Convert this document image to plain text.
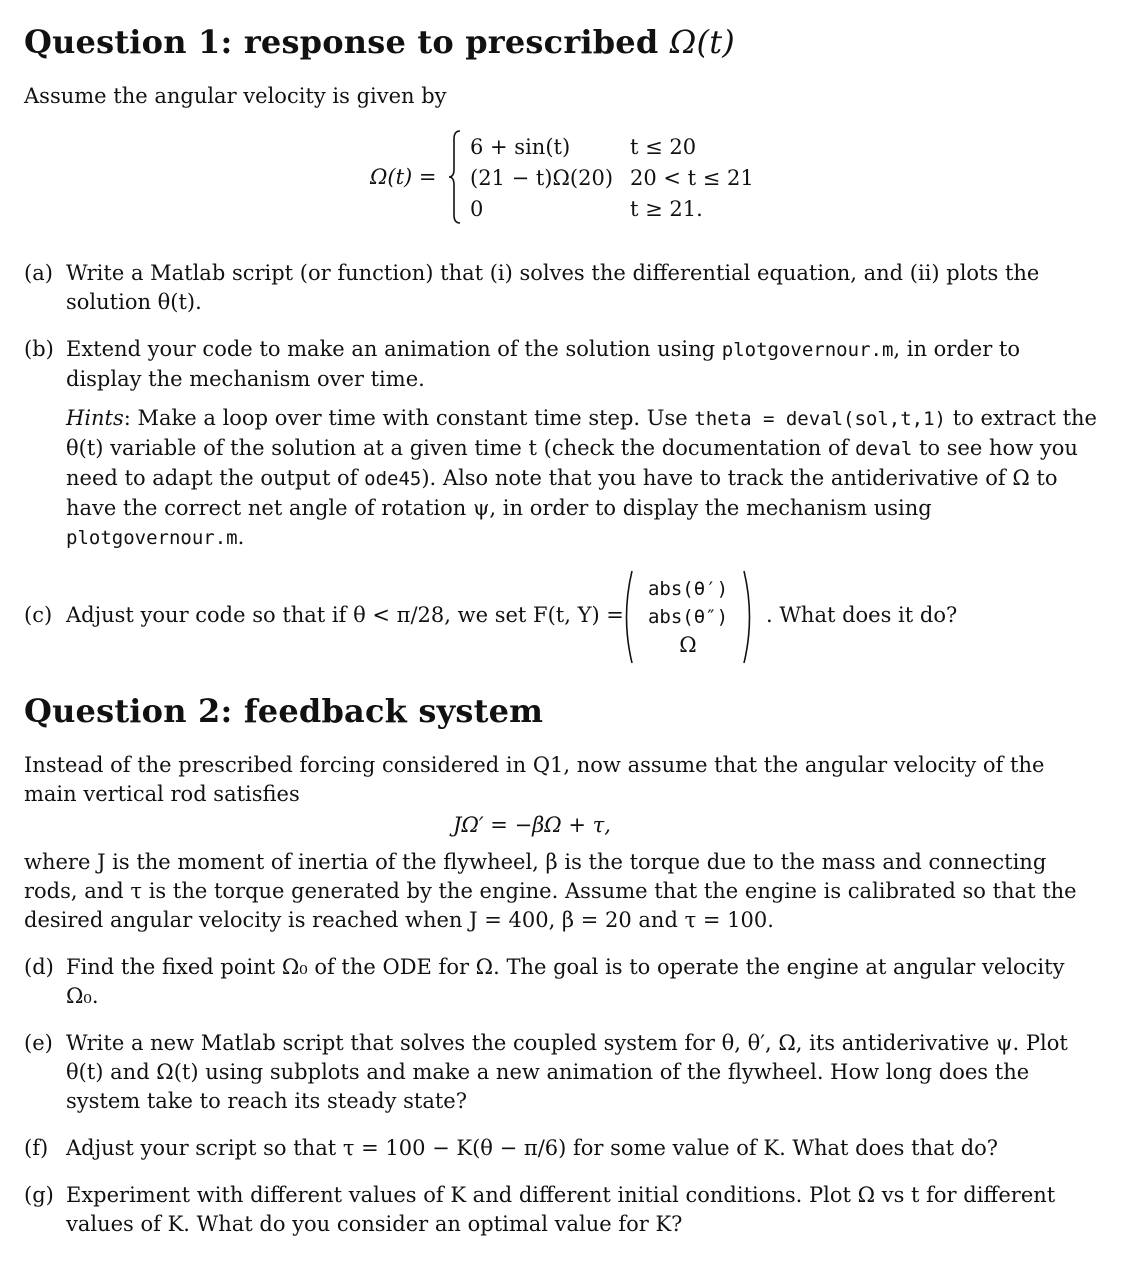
Question 1: response to prescribed Ω(t)

Assume the angular velocity is given by

Ω(t) =
6 + sin(t)	t ≤ 20
(21 − t)Ω(20) 20 < t ≤ 21
0	t ≥ 21.
(a) Write a Matlab script (or function) that (i) solves the differential equation, and (ii) plots the solution θ(t).

(b) Extend your code to make an animation of the solution using plotgovernour.m, in order to display the mechanism over time.

Hints: Make a loop over time with constant time step. Use theta = deval(sol,t,1) to extract the θ(t) variable of the solution at a given time t (check the documentation of deval to see how you need to adapt the output of ode45). Also note that you have to track the antiderivative of Ω to have the correct net angle of rotation ψ, in order to display the mechanism using plotgovernour.m.

(c) Adjust your code so that if θ < π/28, we set F(t, Y) =
abs(θ′)
abs(θ″)
Ω
. What does it do?
Question 2: feedback system

Instead of the prescribed forcing considered in Q1, now assume that the angular velocity of the main vertical rod satisfies

JΩ′ = −βΩ + τ,

where J is the moment of inertia of the flywheel, β is the torque due to the mass and connecting rods, and τ is the torque generated by the engine. Assume that the engine is calibrated so that the desired angular velocity is reached when J = 400, β = 20 and τ = 100.

(d) Find the fixed point Ω₀ of the ODE for Ω. The goal is to operate the engine at angular velocity Ω₀.

(e) Write a new Matlab script that solves the coupled system for θ, θ′, Ω, its antiderivative ψ. Plot θ(t) and Ω(t) using subplots and make a new animation of the flywheel. How long does the system take to reach its steady state?

(f) Adjust your script so that τ = 100 − K(θ − π/6) for some value of K. What does that do?

(g) Experiment with different values of K and different initial conditions. Plot Ω vs t for different values of K. What do you consider an optimal value for K?
